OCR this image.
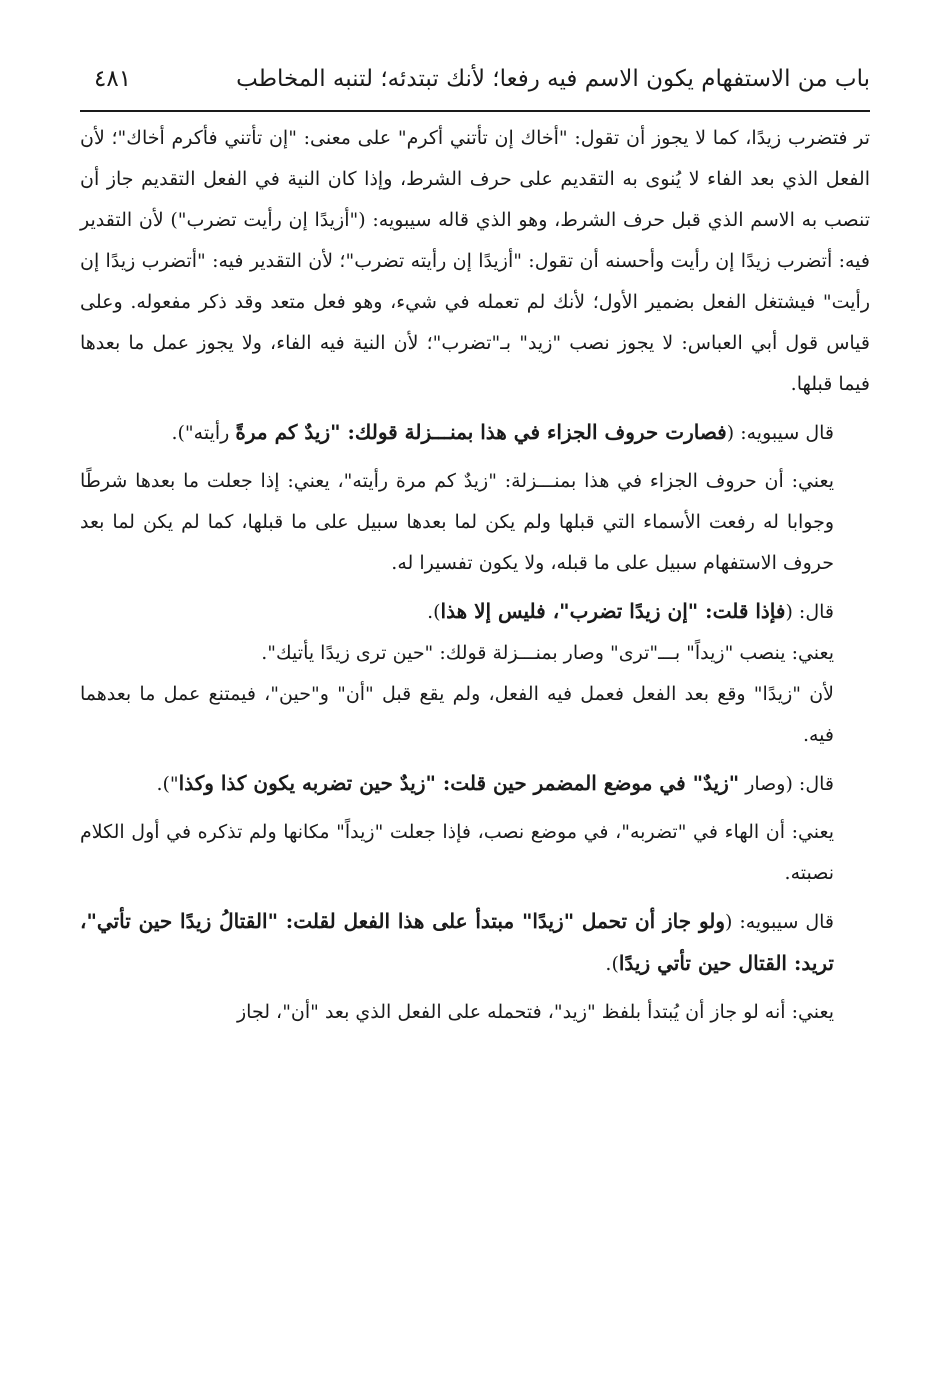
باب من الاستفهام يكون الاسم فيه رفعا؛ لأنك تبتدئه؛ لتنبه المخاطب
٤٨١

تر فتضرب زيدًا، كما لا يجوز أن تقول: "أخاك إن تأتني أكرم" على معنى: "إن تأتني فأكرم أخاك"؛ لأن الفعل الذي بعد الفاء لا يُنوى به التقديم على حرف الشرط، وإذا كان النية في الفعل التقديم جاز أن تنصب به الاسم الذي قبل حرف الشرط، وهو الذي قاله سيبويه: ("أزيدًا إن رأيت تضرب") لأن التقدير فيه: أتضرب زيدًا إن رأيت وأحسنه أن تقول: "أزيدًا إن رأيته تضرب"؛ لأن التقدير فيه: "أتضرب زيدًا إن رأيت" فيشتغل الفعل بضمير الأول؛ لأنك لم تعمله في شيء، وهو فعل متعد وقد ذكر مفعوله. وعلى قياس قول أبي العباس: لا يجوز نصب "زيد" بـ"تضرب"؛ لأن النية فيه الفاء، ولا يجوز عمل ما بعدها فيما قبلها.

قال سيبويه: (فصارت حروف الجزاء في هذا بمنـــزلة قولك: "زيدٌ كم مرةً رأيته").

يعني: أن حروف الجزاء في هذا بمنـــزلة: "زيدٌ كم مرة رأيته"، يعني: إذا جعلت ما بعدها شرطًا وجوابا له رفعت الأسماء التي قبلها ولم يكن لما بعدها سبيل على ما قبلها، كما لم يكن لما بعد حروف الاستفهام سبيل على ما قبله، ولا يكون تفسيرا له.

قال: (فإذا قلت: "إن زيدًا تضرب"، فليس إلا هذا).

يعني: ينصب "زيداً" بـــ"ترى" وصار بمنـــزلة قولك: "حين ترى زيدًا يأتيك".

لأن "زيدًا" وقع بعد الفعل فعمل فيه الفعل، ولم يقع قبل "أن" و"حين"، فيمتنع عمل ما بعدهما فيه.

قال: (وصار "زيدٌ" في موضع المضمر حين قلت: "زيدٌ حين تضربه يكون كذا وكذا").

يعني: أن الهاء في "تضربه"، في موضع نصب، فإذا جعلت "زيداً" مكانها ولم تذكره في أول الكلام نصبته.

قال سيبويه: (ولو جاز أن تحمل "زيدًا" مبتدأ على هذا الفعل لقلت: "القتالُ زيدًا حين تأتي"، تريد: القتال حين تأتي زيدًا).

يعني: أنه لو جاز أن يُبتدأ بلفظ "زيد"، فتحمله على الفعل الذي بعد "أن"، لجاز
